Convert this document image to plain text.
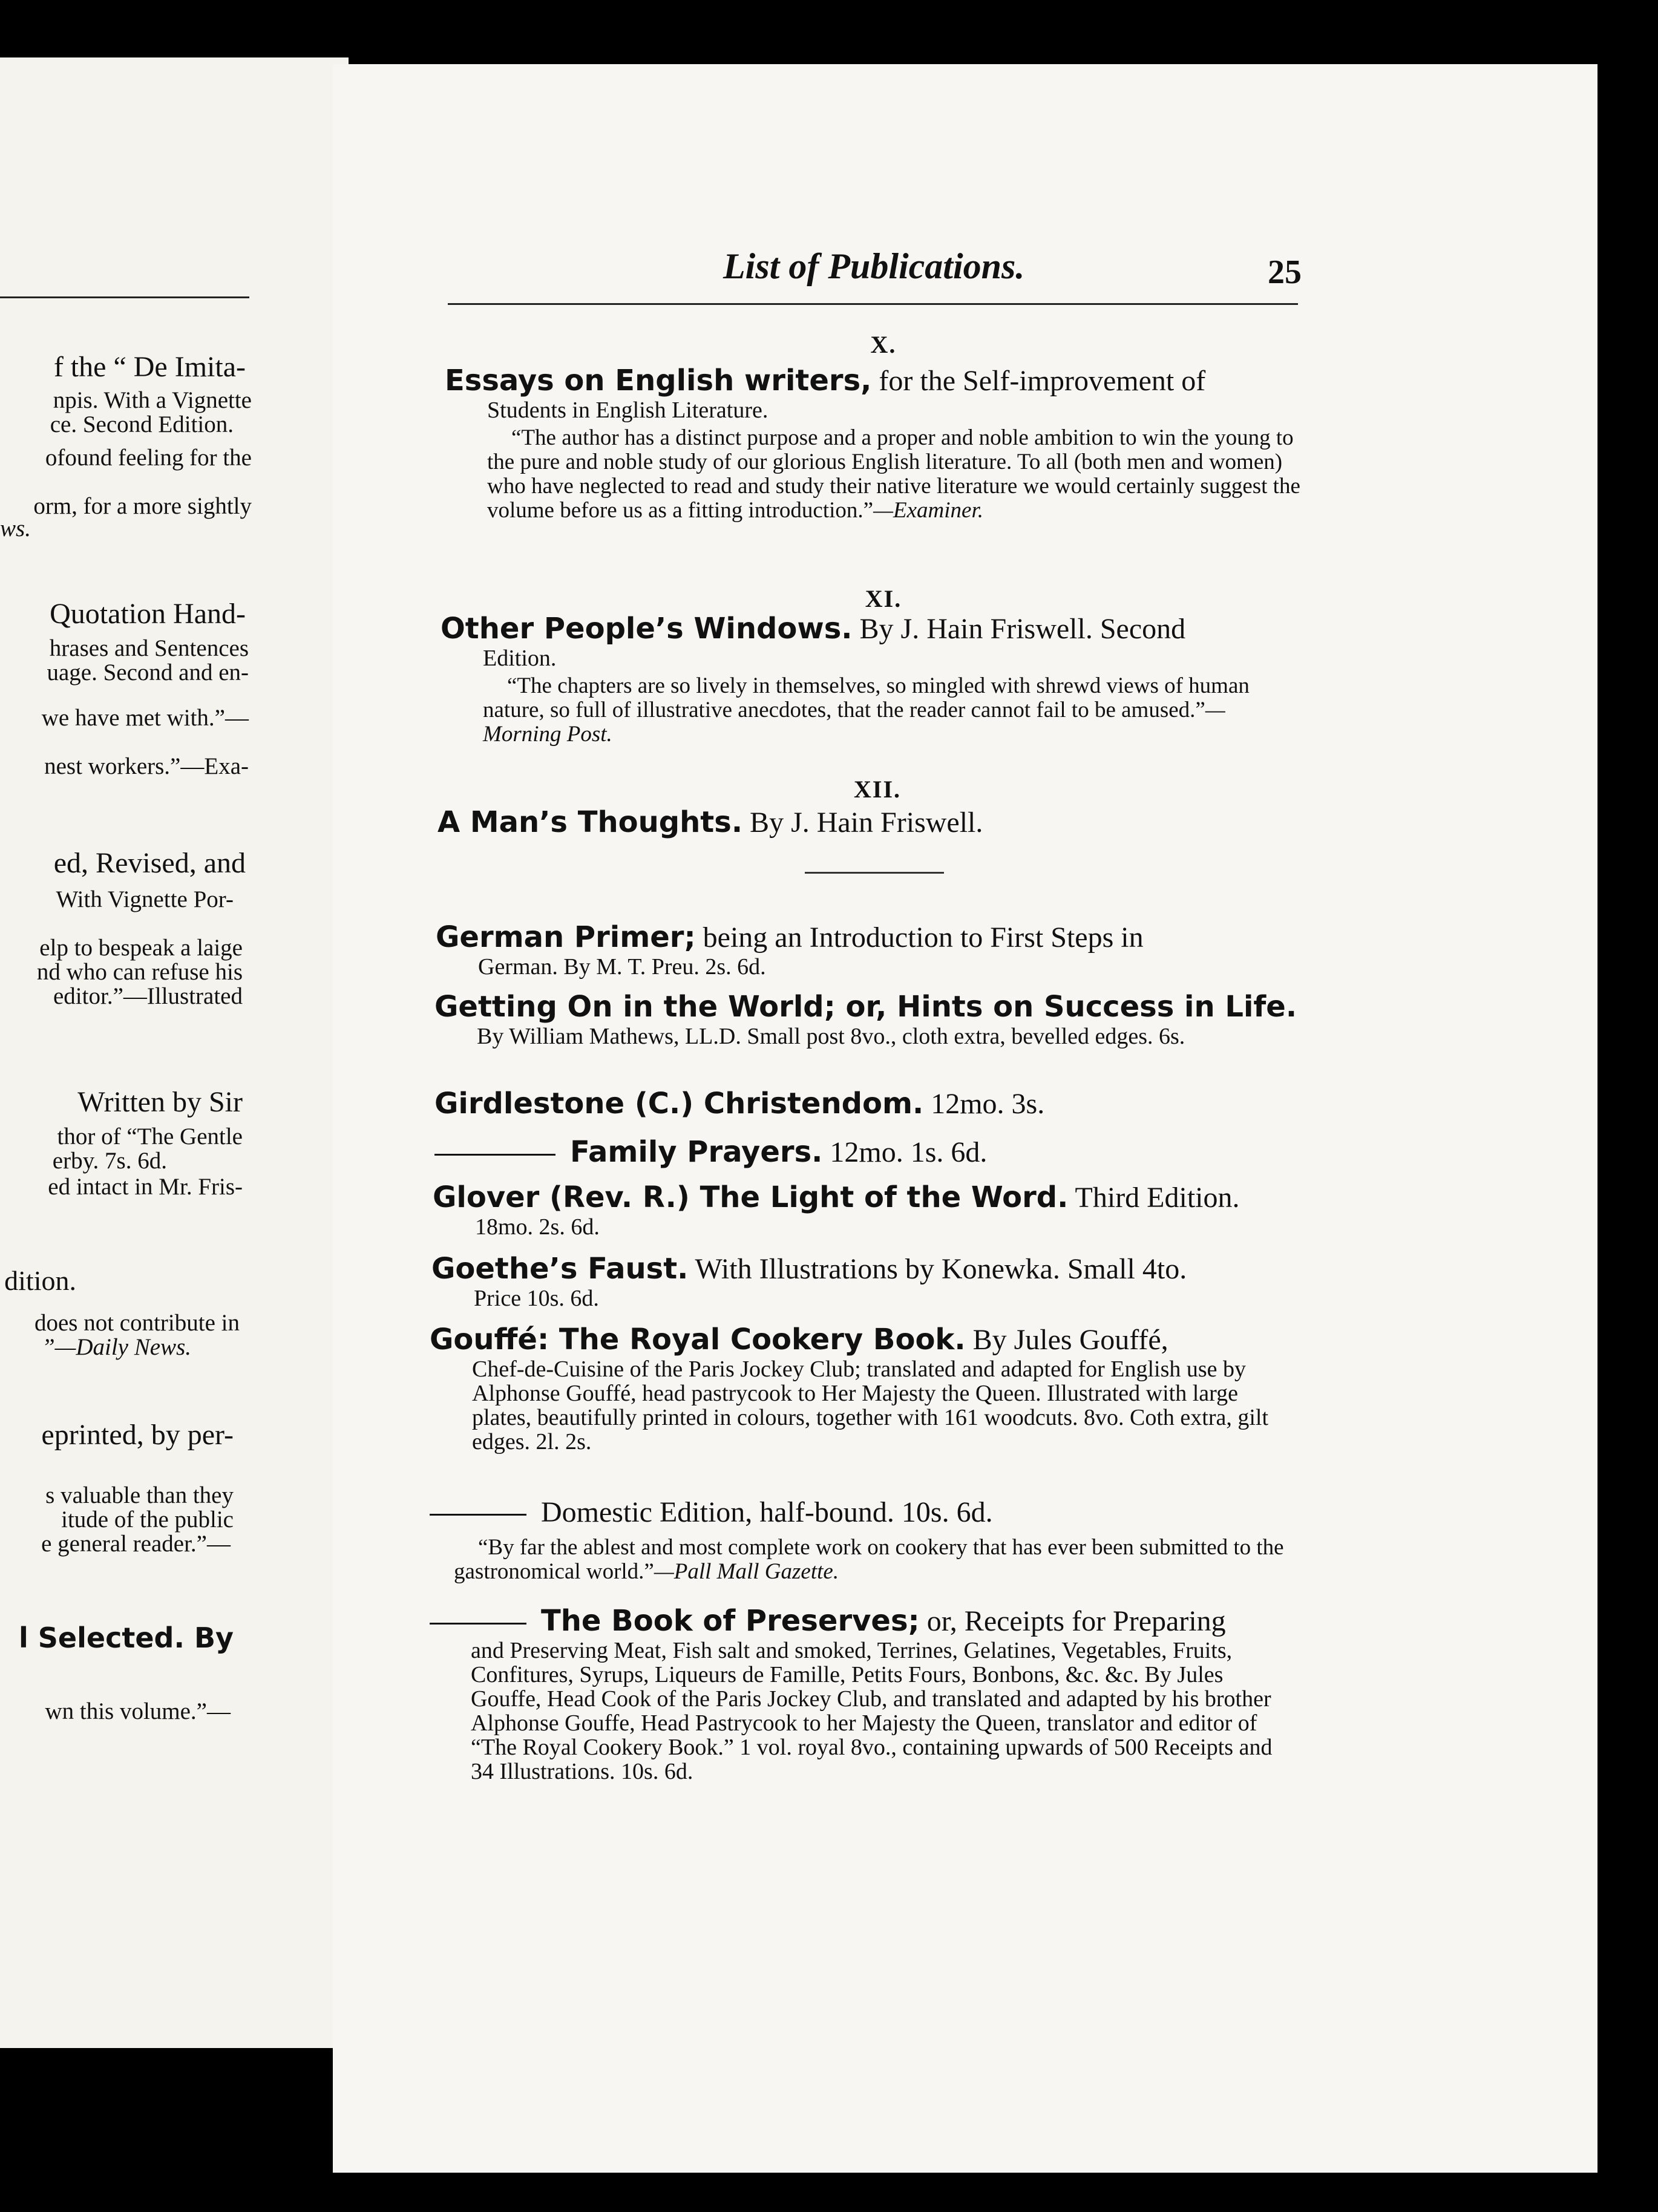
f the “ De Imita-
npis. With a Vignette
ce. Second Edition.
ofound feeling for the
orm, for a more sightly
ws.
Quotation Hand-
hrases and Sentences
uage. Second and en-
we have met with.”—
nest workers.”—Exa-
ed, Revised, and
With Vignette Por-
elp to bespeak a laige
nd who can refuse his
editor.”—Illustrated
Written by Sir
thor of “The Gentle
erby. 7s. 6d.
ed intact in Mr. Fris-
dition.
does not contribute in
”—Daily News.
eprinted, by per-
s valuable than they
itude of the public
e general reader.”—
l Selected. By
wn this volume.”—
List of Publications.	25
X.
Essays on English writers, for the Self-improvement of
Students in English Literature.
“The author has a distinct purpose and a proper and noble ambition to win the young to the pure and noble study of our glorious English literature. To all (both men and women) who have neglected to read and study their native literature we would certainly suggest the volume before us as a fitting introduction.”—Examiner.
XI.
Other People’s Windows. By J. Hain Friswell. Second
Edition.
“The chapters are so lively in themselves, so mingled with shrewd views of human nature, so full of illustrative anecdotes, that the reader cannot fail to be amused.”—Morning Post.
XII.
A Man’s Thoughts. By J. Hain Friswell.
German Primer; being an Introduction to First Steps in
German. By M. T. Preu. 2s. 6d.
Getting On in the World; or, Hints on Success in Life.
By William Mathews, LL.D. Small post 8vo., cloth extra, bevelled edges. 6s.
Girdlestone (C.) Christendom. 12mo. 3s.
Family Prayers. 12mo. 1s. 6d.
Glover (Rev. R.) The Light of the Word. Third Edition.
18mo. 2s. 6d.
Goethe’s Faust. With Illustrations by Konewka. Small 4to.
Price 10s. 6d.
Gouffé: The Royal Cookery Book. By Jules Gouffé,
Chef-de-Cuisine of the Paris Jockey Club; translated and adapted for English use by Alphonse Gouffé, head pastrycook to Her Majesty the Queen. Illustrated with large plates, beautifully printed in colours, together with 161 woodcuts. 8vo. Coth extra, gilt edges. 2l. 2s.
Domestic Edition, half-bound. 10s. 6d.
“By far the ablest and most complete work on cookery that has ever been submitted to the gastronomical world.”—Pall Mall Gazette.
The Book of Preserves; or, Receipts for Preparing
and Preserving Meat, Fish salt and smoked, Terrines, Gelatines, Vegetables, Fruits, Confitures, Syrups, Liqueurs de Famille, Petits Fours, Bonbons, &c. &c. By Jules Gouffe, Head Cook of the Paris Jockey Club, and translated and adapted by his brother Alphonse Gouffe, Head Pastrycook to her Majesty the Queen, translator and editor of “The Royal Cookery Book.” 1 vol. royal 8vo., containing upwards of 500 Receipts and 34 Illustrations. 10s. 6d.
